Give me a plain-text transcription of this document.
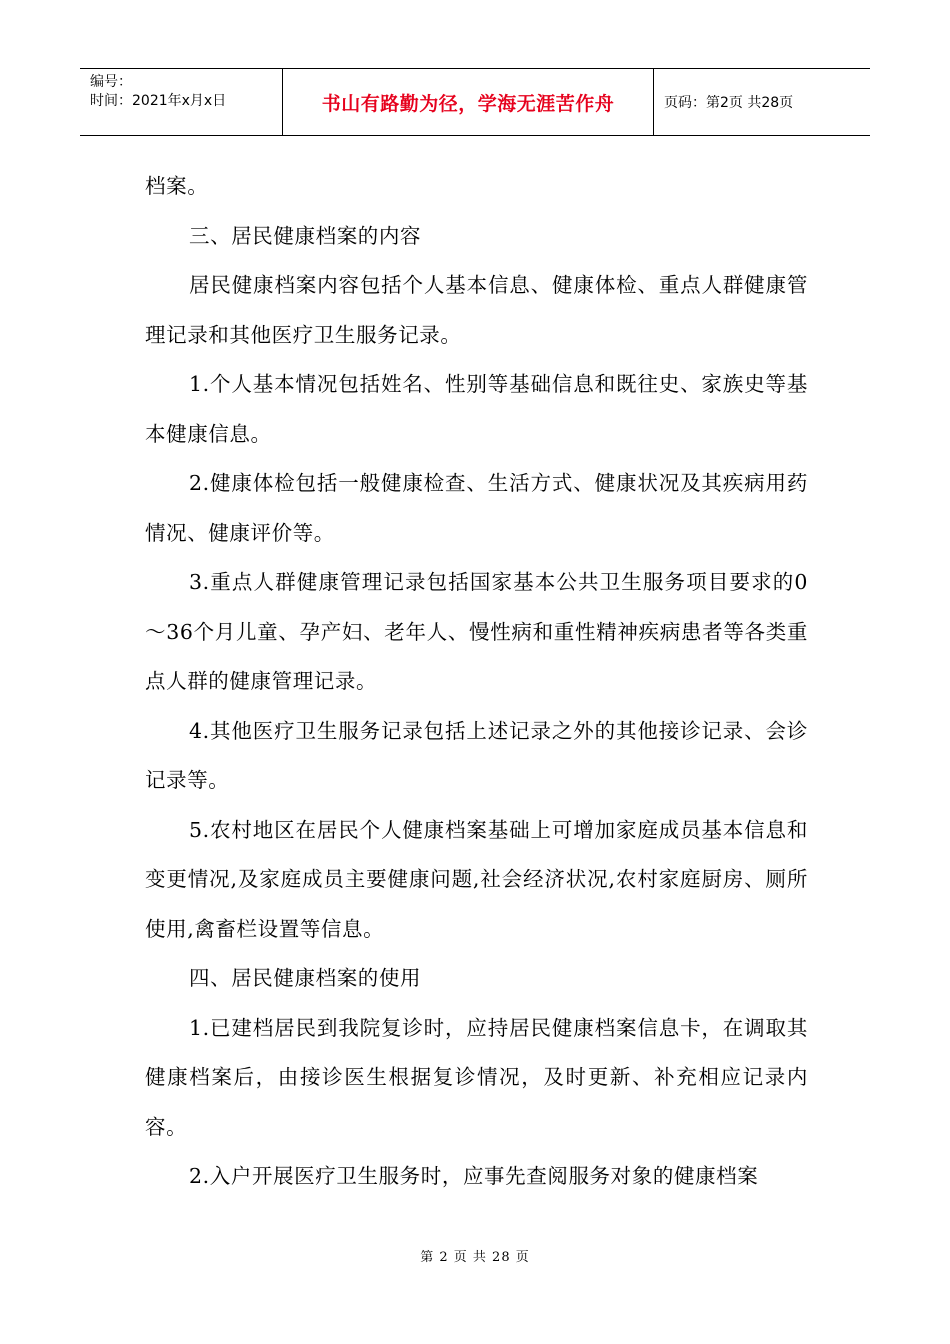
编号：
时间：2021年x月x日	书山有路勤为径，学海无涯苦作舟	页码：第2页 共28页

档案。

三、居民健康档案的内容

居民健康档案内容包括个人基本信息、健康体检、重点人群健康管理记录和其他医疗卫生服务记录。

1.个人基本情况包括姓名、性别等基础信息和既往史、家族史等基本健康信息。

2.健康体检包括一般健康检查、生活方式、健康状况及其疾病用药情况、健康评价等。

3.重点人群健康管理记录包括国家基本公共卫生服务项目要求的0～36个月儿童、孕产妇、老年人、慢性病和重性精神疾病患者等各类重点人群的健康管理记录。

4.其他医疗卫生服务记录包括上述记录之外的其他接诊记录、会诊记录等。

5.农村地区在居民个人健康档案基础上可增加家庭成员基本信息和变更情况,及家庭成员主要健康问题,社会经济状况,农村家庭厨房、厕所使用,禽畜栏设置等信息。

四、居民健康档案的使用

1.已建档居民到我院复诊时，应持居民健康档案信息卡，在调取其健康档案后，由接诊医生根据复诊情况，及时更新、补充相应记录内容。

2.入户开展医疗卫生服务时，应事先查阅服务对象的健康档案

第 2 页 共 28 页
